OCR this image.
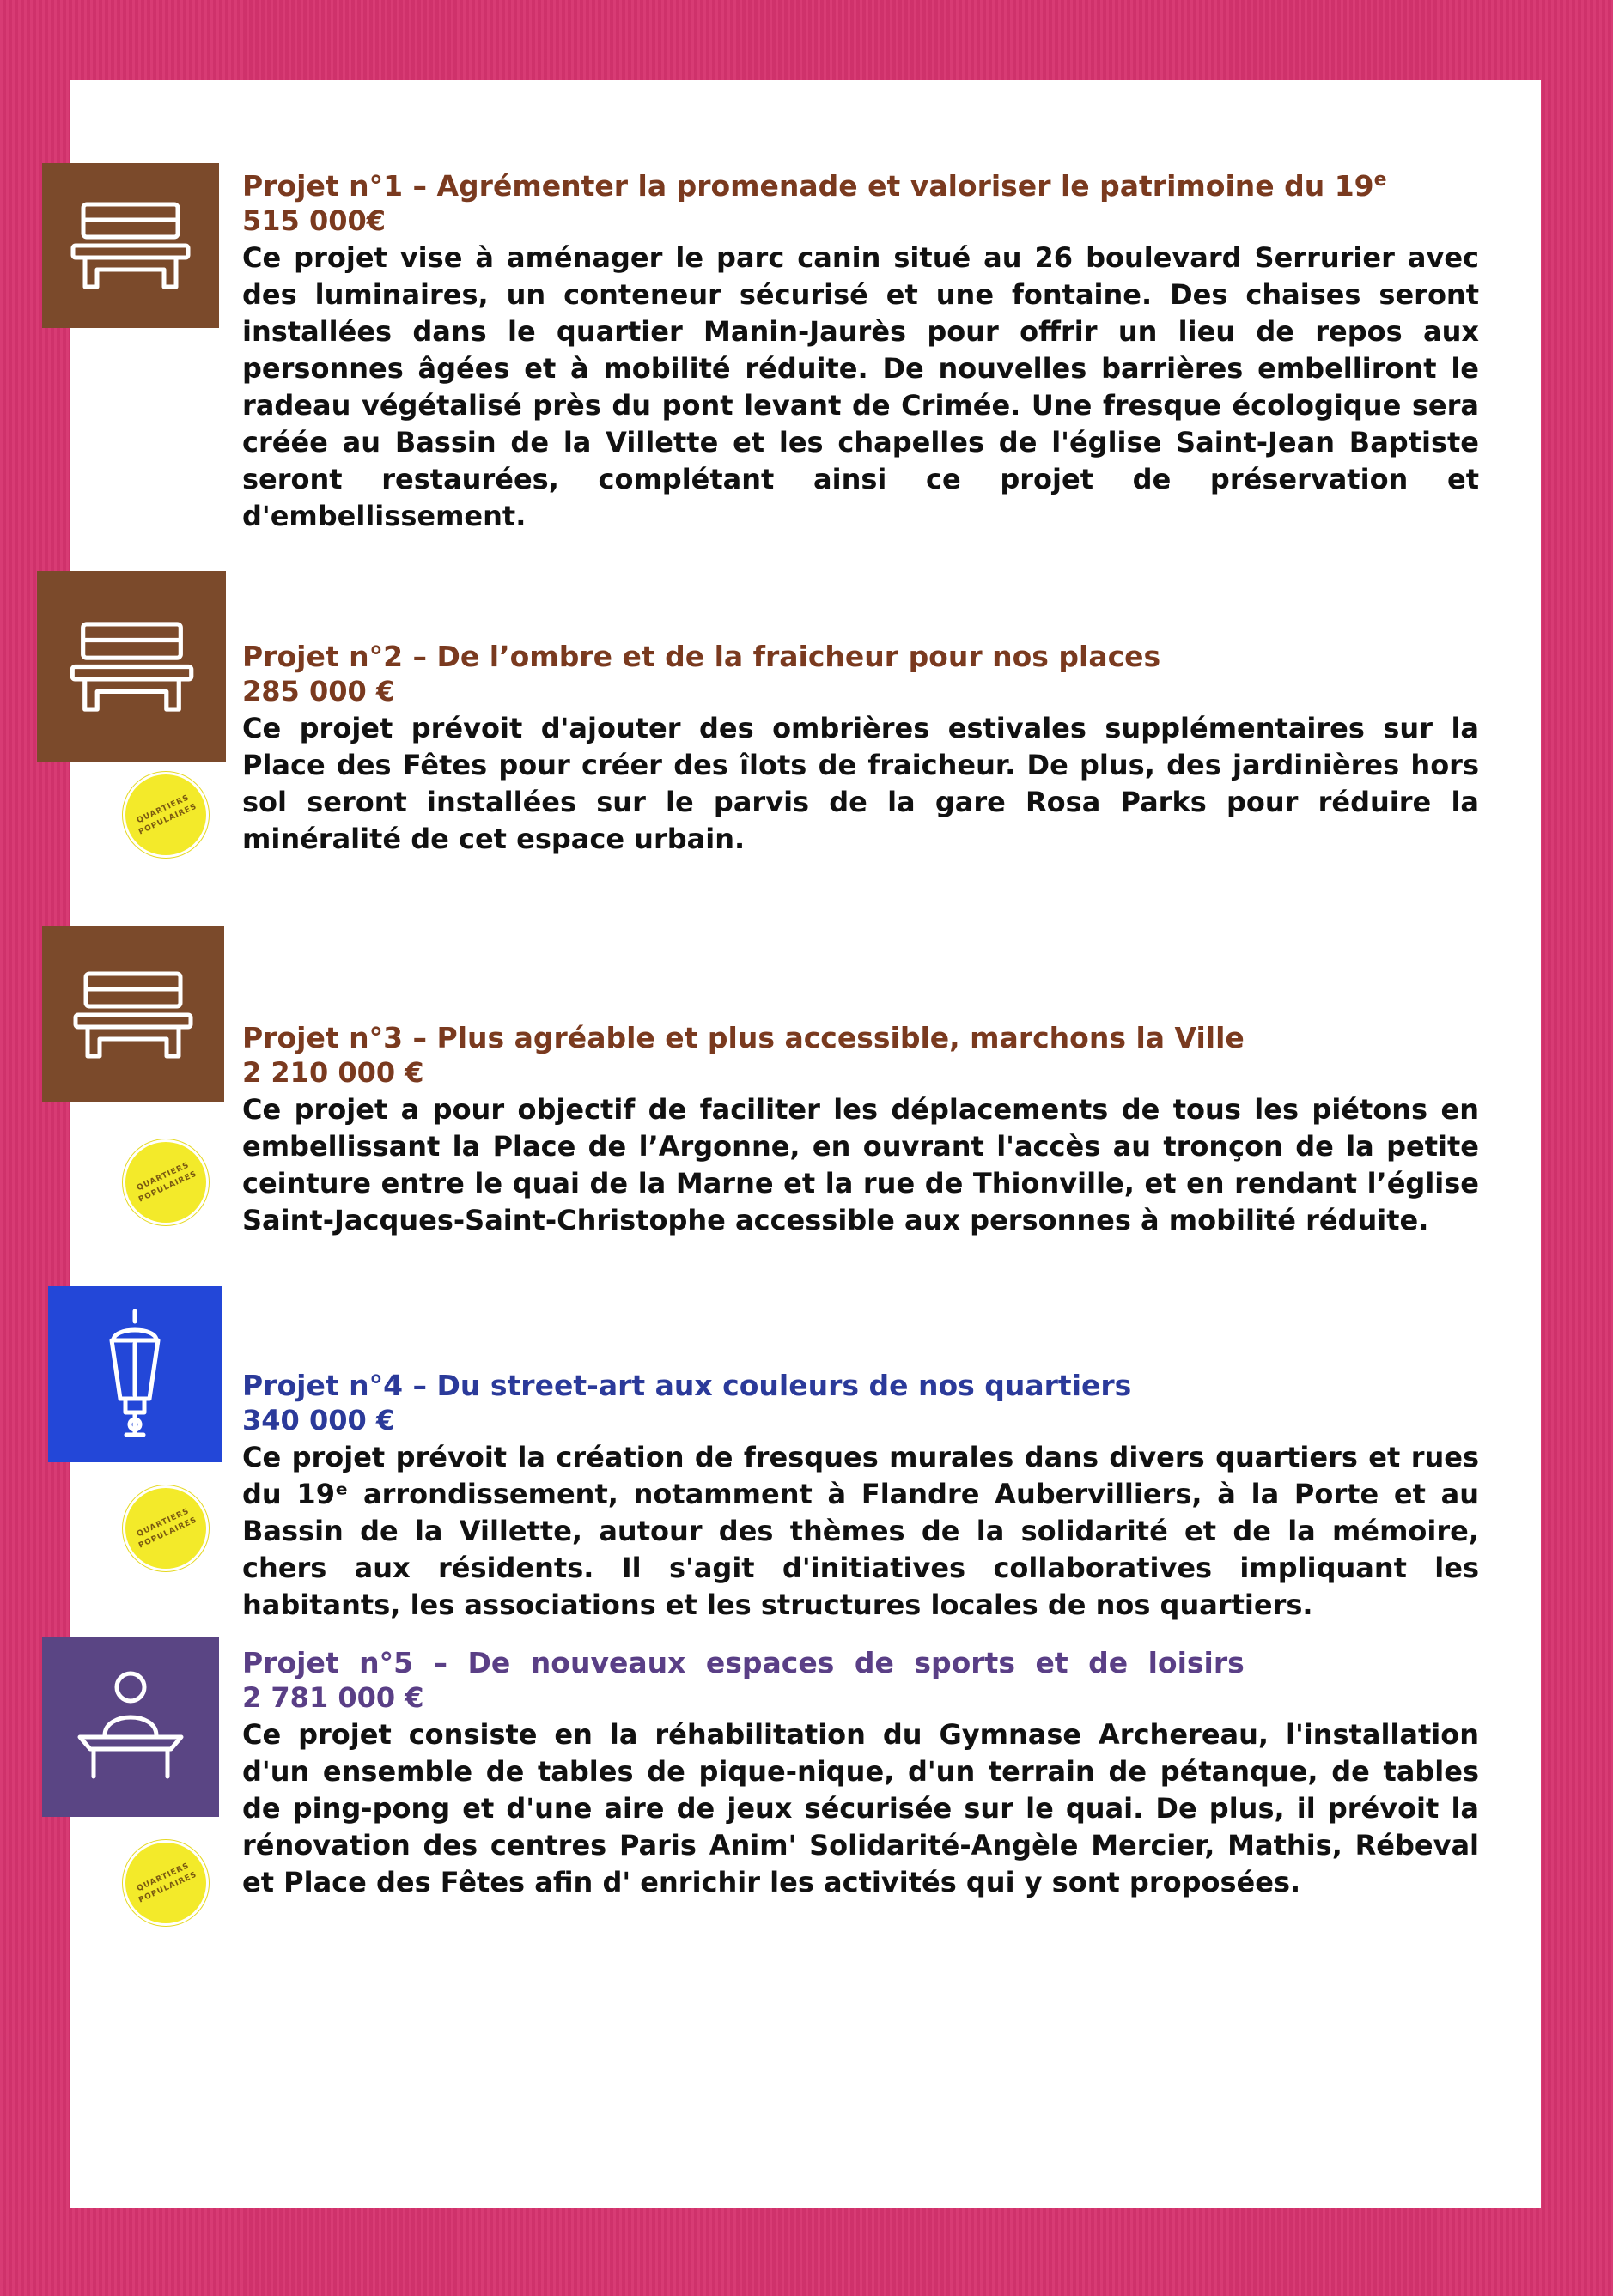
Projet n°1 – Agrémenter la promenade et valoriser le patrimoine du 19e
515 000€
Ce projet vise à aménager le parc canin situé au 26 boulevard Serrurier avec des luminaires, un conteneur sécurisé et une fontaine. Des chaises seront installées dans le quartier Manin-Jaurès pour offrir un lieu de repos aux personnes âgées et à mobilité réduite. De nouvelles barrières embelliront le radeau végétalisé près du pont levant de Crimée. Une fresque écologique sera créée au Bassin de la Villette et les chapelles de l'église Saint-Jean Baptiste seront restaurées, complétant ainsi ce projet de préservation et d'embellissement.
QUARTIERS POPULAIRES
Projet n°2 – De l’ombre et de la fraicheur pour nos places
285 000 €
Ce projet prévoit d'ajouter des ombrières estivales supplémentaires sur la Place des Fêtes pour créer des îlots de fraicheur. De plus, des jardinières hors sol seront installées sur le parvis de la gare Rosa Parks pour réduire la minéralité de cet espace urbain.
QUARTIERS POPULAIRES
Projet n°3 – Plus agréable et plus accessible, marchons la Ville
2 210 000 €
Ce projet a pour objectif de faciliter les déplacements de tous les piétons en embellissant la Place de l’Argonne, en ouvrant l'accès au tronçon de la petite ceinture entre le quai de la Marne et la rue de Thionville, et en rendant l’église Saint-Jacques-Saint-Christophe accessible aux personnes à mobilité réduite.
QUARTIERS POPULAIRES
Projet n°4 – Du street-art aux couleurs de nos quartiers
340 000 €
Ce projet prévoit la création de fresques murales dans divers quartiers et rues du 19ᵉ arrondissement, notamment à Flandre Aubervilliers, à la Porte et au Bassin de la Villette, autour des thèmes de la solidarité et de la mémoire, chers aux résidents. Il s'agit d'initiatives collaboratives impliquant les habitants, les associations et les structures locales de nos quartiers.
QUARTIERS POPULAIRES
Projet n°5 – De nouveaux espaces de sports et de loisirs
2 781 000 €
Ce projet consiste en la réhabilitation du Gymnase Archereau, l'installation d'un ensemble de tables de pique-nique, d'un terrain de pétanque, de tables de ping-pong et d'une aire de jeux sécurisée sur le quai. De plus, il prévoit la rénovation des centres Paris Anim' Solidarité-Angèle Mercier, Mathis, Rébeval et Place des Fêtes afin d' enrichir les activités qui y sont proposées.
